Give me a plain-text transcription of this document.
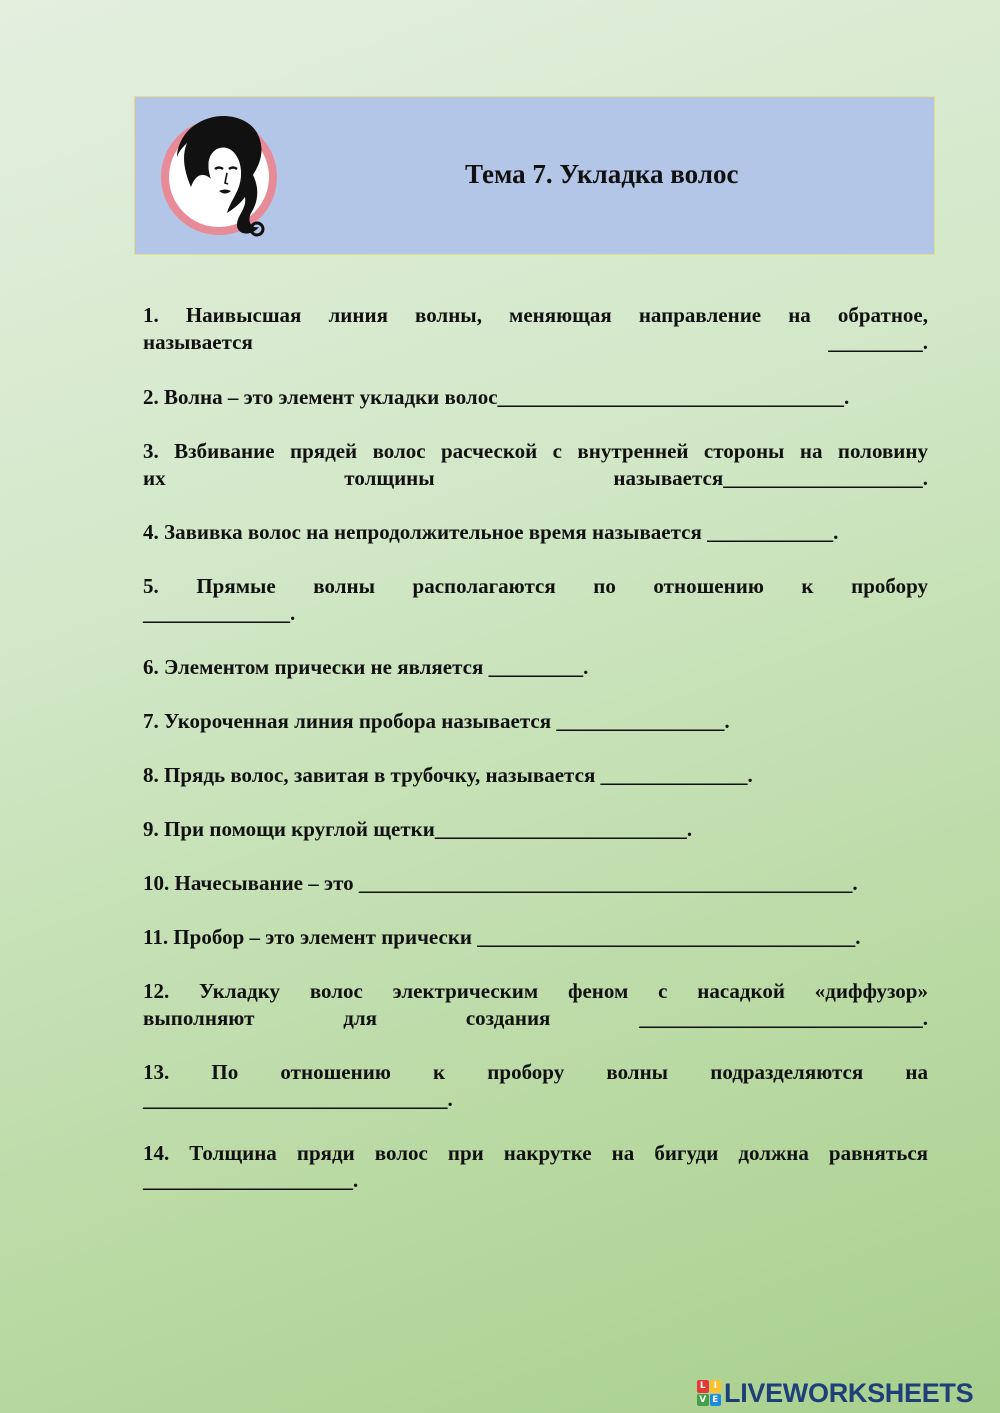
Тема 7. Укладка волос
1. Наивысшая линия волны, меняющая направление на обратное,
называется _________.
2. Волна – это элемент укладки волос_________________________________.
3. Взбивание прядей волос расческой с внутренней стороны на половину
их толщины называется___________________.
4. Завивка волос на непродолжительное время называется ____________.
5. Прямые волны располагаются по отношению к пробору
______________.
6. Элементом прически не является _________.
7. Укороченная линия пробора называется ________________.
8. Прядь волос, завитая в трубочку, называется ______________.
9. При помощи круглой щетки________________________.
10. Начесывание – это _______________________________________________.
11. Пробор – это элемент прически ____________________________________.
12. Укладку волос электрическим феном с насадкой «диффузор»
выполняют для создания ___________________________.
13. По отношению к пробору волны подразделяются на
_____________________________.
14. Толщина пряди волос при накрутке на бигуди должна равняться
____________________.
L I
V E LIVEWORKSHEETS
